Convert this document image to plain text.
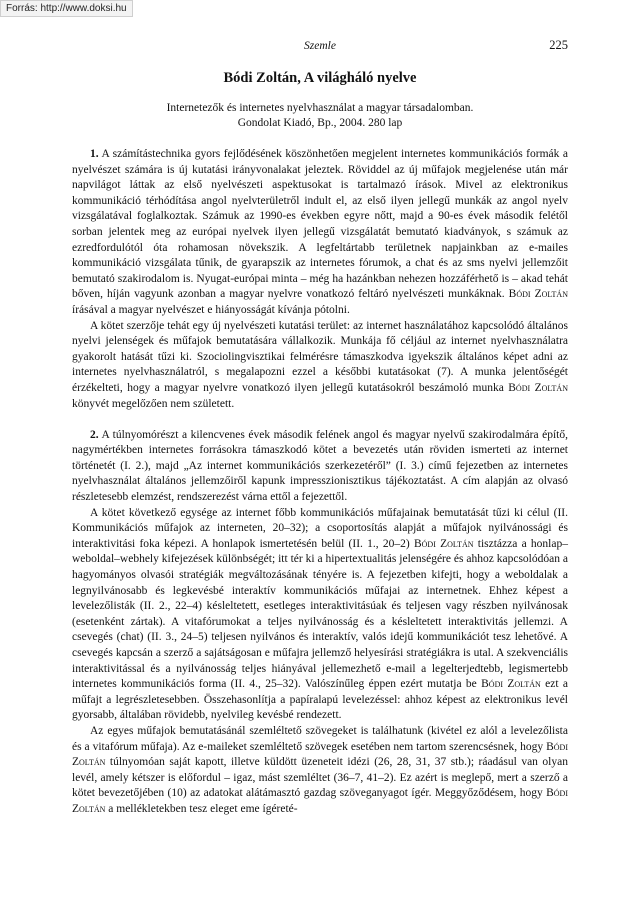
Forrás: http://www.doksi.hu
Szemle	225
Bódi Zoltán, A világháló nyelve
Internetezők és internetes nyelvhasználat a magyar társadalomban.
Gondolat Kiadó, Bp., 2004. 280 lap

1. A számítástechnika gyors fejlődésének köszönhetően megjelent internetes kommunikációs formák a nyelvészet számára is új kutatási irányvonalakat jeleztek. Röviddel az új műfajok megjelenése után már napvilágot láttak az első nyelvészeti aspektusokat is tartalmazó írások. Mivel az elektronikus kommunikáció térhódítása angol nyelvterületről indult el, az első ilyen jellegű munkák az angol nyelv vizsgálatával foglalkoztak. Számuk az 1990-es években egyre nőtt, majd a 90-es évek második felétől sorban jelentek meg az európai nyelvek ilyen jellegű vizsgálatát bemutató kiadványok, s számuk az ezredfordulótól óta rohamosan növekszik. A legfeltártabb területnek napjainkban az e-mailes kommunikáció vizsgálata tűnik, de gyarapszik az internetes fórumok, a chat és az sms nyelvi jellemzőit bemutató szakirodalom is. Nyugat-európai minta – még ha hazánkban nehezen hozzáférhető is – akad tehát bőven, híján vagyunk azonban a magyar nyelvre vonatkozó feltáró nyelvészeti munkáknak. Bódi Zoltán írásával a magyar nyelvészet e hiányosságát kívánja pótolni.

A kötet szerzője tehát egy új nyelvészeti kutatási terület: az internet használatához kapcsolódó általános nyelvi jelenségek és műfajok bemutatására vállalkozik. Munkája fő céljául az internet nyelvhasználatra gyakorolt hatását tűzi ki. Szociolingvisztikai felmérésre támaszkodva igyekszik általános képet adni az internetes nyelvhasználatról, s megalapozni ezzel a későbbi kutatásokat (7). A munka jelentőségét érzékelteti, hogy a magyar nyelvre vonatkozó ilyen jellegű kutatásokról beszámoló munka Bódi Zoltán könyvét megelőzően nem született.

2. A túlnyomórészt a kilencvenes évek második felének angol és magyar nyelvű szakirodalmára építő, nagymértékben internetes forrásokra támaszkodó kötet a bevezetés után röviden ismerteti az internet történetét (I. 2.), majd „Az internet kommunikációs szerkezetéről” (I. 3.) című fejezetben az internetes nyelvhasználat általános jellemzőiről kapunk impresszionisztikus tájékoztatást. A cím alapján az olvasó részletesebb elemzést, rendszerezést várna ettől a fejezettől.

A kötet következő egysége az internet főbb kommunikációs műfajainak bemutatását tűzi ki célul (II. Kommunikációs műfajok az interneten, 20–32); a csoportosítás alapját a műfajok nyilvánossági és interaktivitási foka képezi. A honlapok ismertetésén belül (II. 1., 20–2) Bódi Zoltán tisztázza a honlap–weboldal–webhely kifejezések különbségét; itt tér ki a hipertextualitás jelenségére és ahhoz kapcsolódóan a hagyományos olvasói stratégiák megváltozásának tényére is. A fejezetben kifejti, hogy a weboldalak a legnyilvánosabb és legkevésbé interaktív kommunikációs műfajai az internetnek. Ehhez képest a levelezőlisták (II. 2., 22–4) késleltetett, esetleges interaktivitásúak és teljesen vagy részben nyilvánosak (esetenként zártak). A vitafórumokat a teljes nyilvánosság és a késleltetett interaktivitás jellemzi. A csevegés (chat) (II. 3., 24–5) teljesen nyilvános és interaktív, valós idejű kommunikációt tesz lehetővé. A csevegés kapcsán a szerző a sajátságosan e műfajra jellemző helyesírási stratégiákra is utal. A szekvenciális interaktivitással és a nyilvánosság teljes hiányával jellemezhető e-mail a legelterjedtebb, legismertebb internetes kommunikációs forma (II. 4., 25–32). Valószínűleg éppen ezért mutatja be Bódi Zoltán ezt a műfajt a legrészletesebben. Összehasonlítja a papíralapú levelezéssel: ahhoz képest az elektronikus levél gyorsabb, általában rövidebb, nyelvileg kevésbé rendezett.

Az egyes műfajok bemutatásánál szemléltető szövegeket is találhatunk (kivétel ez alól a levelezőlista és a vitafórum műfaja). Az e-maileket szemléltető szövegek esetében nem tartom szerencsésnek, hogy Bódi Zoltán túlnyomóan saját kapott, illetve küldött üzeneteit idézi (26, 28, 31, 37 stb.); ráadásul van olyan levél, amely kétszer is előfordul – igaz, mást szemléltet (36–7, 41–2). Ez azért is meglepő, mert a szerző a kötet bevezetőjében (10) az adatokat alátámasztó gazdag szöveganyagot ígér. Meggyőződésem, hogy Bódi Zoltán a mellékletekben tesz eleget eme ígéreté-
